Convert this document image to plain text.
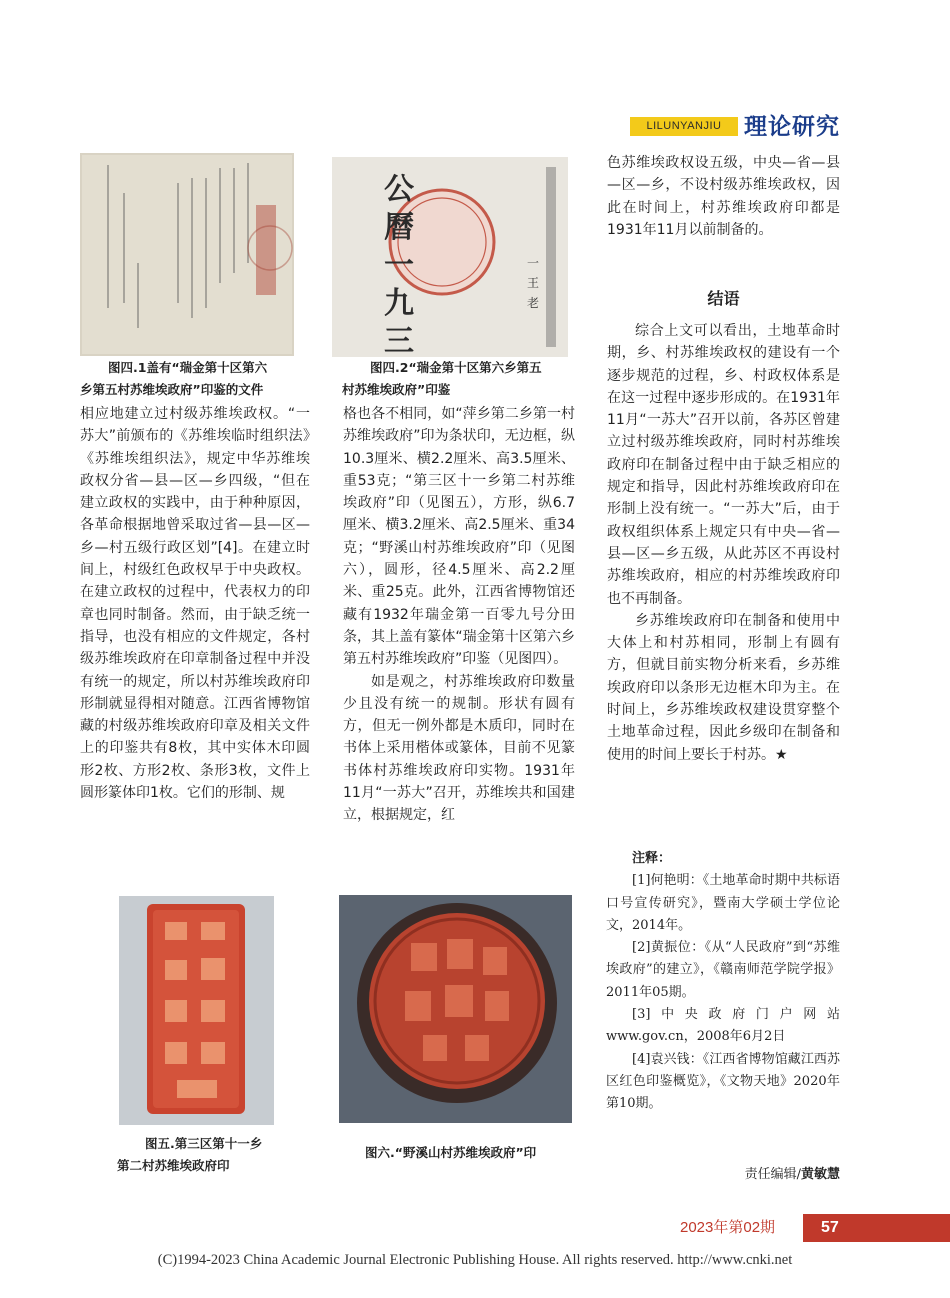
LILUNYANJIU 理论研究
一王老
公
曆
一
九
三
图四.1盖有“瑞金第十区第六
乡第五村苏维埃政府”印鉴的文件
图四.2“瑞金第十区第六乡第五
村苏维埃政府”印鉴

相应地建立过村级苏维埃政权。“一苏大”前颁布的《苏维埃临时组织法》《苏维埃组织法》，规定中华苏维埃政权分省—县—区—乡四级，“但在建立政权的实践中，由于种种原因，各革命根据地曾采取过省—县—区—乡—村五级行政区划”[4]。在建立时间上，村级红色政权早于中央政权。在建立政权的过程中，代表权力的印章也同时制备。然而，由于缺乏统一指导，也没有相应的文件规定，各村级苏维埃政府在印章制备过程中并没有统一的规定，所以村苏维埃政府印形制就显得相对随意。江西省博物馆藏的村级苏维埃政府印章及相关文件上的印鉴共有8枚，其中实体木印圆形2枚、方形2枚、条形3枚，文件上圆形篆体印1枚。它们的形制、规

格也各不相同，如“萍乡第二乡第一村苏维埃政府”印为条状印，无边框，纵10.3厘米、横2.2厘米、高3.5厘米、重53克；“第三区十一乡第二村苏维埃政府”印（见图五），方形，纵6.7厘米、横3.2厘米、高2.5厘米、重34克；“野溪山村苏维埃政府”印（见图六），圆形，径4.5厘米、高2.2厘米、重25克。此外，江西省博物馆还藏有1932年瑞金第一百零九号分田条，其上盖有篆体“瑞金第十区第六乡第五村苏维埃政府”印鉴（见图四）。

如是观之，村苏维埃政府印数量少且没有统一的规制。形状有圆有方，但无一例外都是木质印，同时在书体上采用楷体或篆体，目前不见篆书体村苏维埃政府印实物。1931年11月“一苏大”召开，苏维埃共和国建立，根据规定，红

色苏维埃政权设五级，中央—省—县—区—乡，不设村级苏维埃政权，因此在时间上，村苏维埃政府印都是1931年11月以前制备的。

结语

综合上文可以看出，土地革命时期，乡、村苏维埃政权的建设有一个逐步规范的过程，乡、村政权体系是在这一过程中逐步形成的。在1931年11月“一苏大”召开以前，各苏区曾建立过村级苏维埃政府，同时村苏维埃政府印在制备过程中由于缺乏相应的规定和指导，因此村苏维埃政府印在形制上没有统一。“一苏大”后，由于政权组织体系上规定只有中央—省—县—区—乡五级，从此苏区不再设村苏维埃政府，相应的村苏维埃政府印也不再制备。

乡苏维埃政府印在制备和使用中大体上和村苏相同，形制上有圆有方，但就目前实物分析来看，乡苏维埃政府印以条形无边框木印为主。在时间上，乡苏维埃政权建设贯穿整个土地革命过程，因此乡级印在制备和使用的时间上要长于村苏。★

注释：

[1]何艳明：《土地革命时期中共标语口号宣传研究》，暨南大学硕士学位论文，2014年。

[2]黄振位：《从“人民政府”到“苏维埃政府”的建立》，《赣南师范学院学报》2011年05期。

[3]中央政府门户网站www.gov.cn，2008年6月2日

[4]袁兴钱：《江西省博物馆藏江西苏区红色印鉴概览》，《文物天地》2020年第10期。

图五.第三区第十一乡
第二村苏维埃政府印
图六.“野溪山村苏维埃政府”印
责任编辑/黄敏慧
2023年第02期	57
(C)1994-2023 China Academic Journal Electronic Publishing House. All rights reserved. http://www.cnki.net
